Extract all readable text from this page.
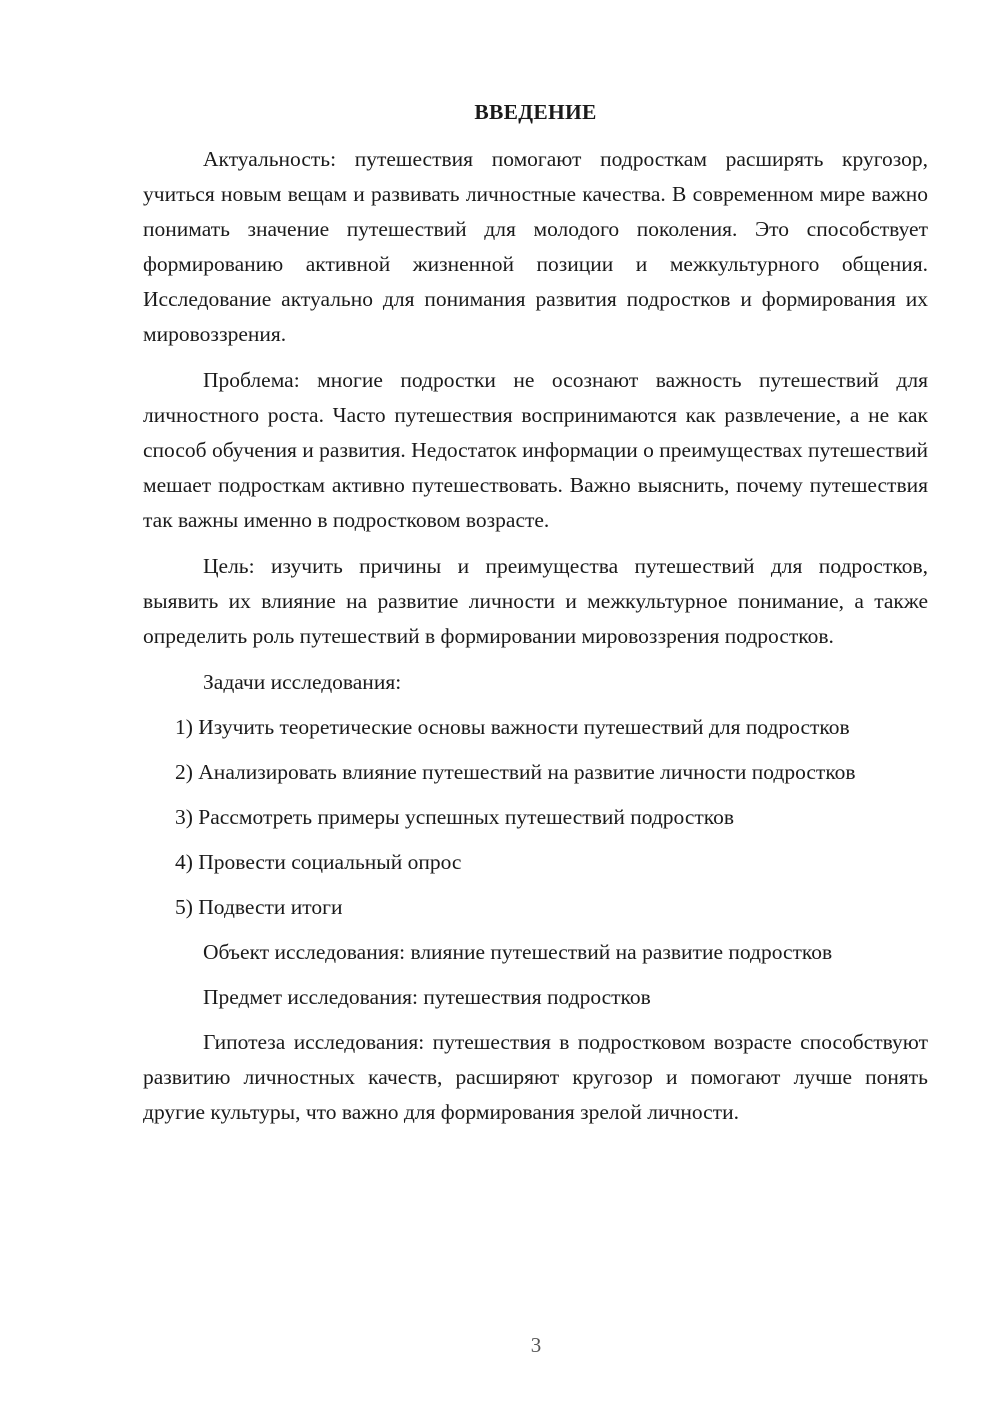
ВВЕДЕНИЕ

Актуальность: путешествия помогают подросткам расширять кругозор, учиться новым вещам и развивать личностные качества. В современном мире важно понимать значение путешествий для молодого поколения. Это способствует формированию активной жизненной позиции и межкультурного общения. Исследование актуально для понимания развития подростков и формирования их мировоззрения.

Проблема: многие подростки не осознают важность путешествий для личностного роста. Часто путешествия воспринимаются как развлечение, а не как способ обучения и развития. Недостаток информации о преимуществах путешествий мешает подросткам активно путешествовать. Важно выяснить, почему путешествия так важны именно в подростковом возрасте.

Цель: изучить причины и преимущества путешествий для подростков, выявить их влияние на развитие личности и межкультурное понимание, а также определить роль путешествий в формировании мировоззрения подростков.

Задачи исследования:

1) Изучить теоретические основы важности путешествий для подростков

2) Анализировать влияние путешествий на развитие личности подростков

3) Рассмотреть примеры успешных путешествий подростков

4) Провести социальный опрос

5) Подвести итоги

Объект исследования: влияние путешествий на развитие подростков

Предмет исследования: путешествия подростков

Гипотеза исследования: путешествия в подростковом возрасте способствуют развитию личностных качеств, расширяют кругозор и помогают лучше понять другие культуры, что важно для формирования зрелой личности.

3
